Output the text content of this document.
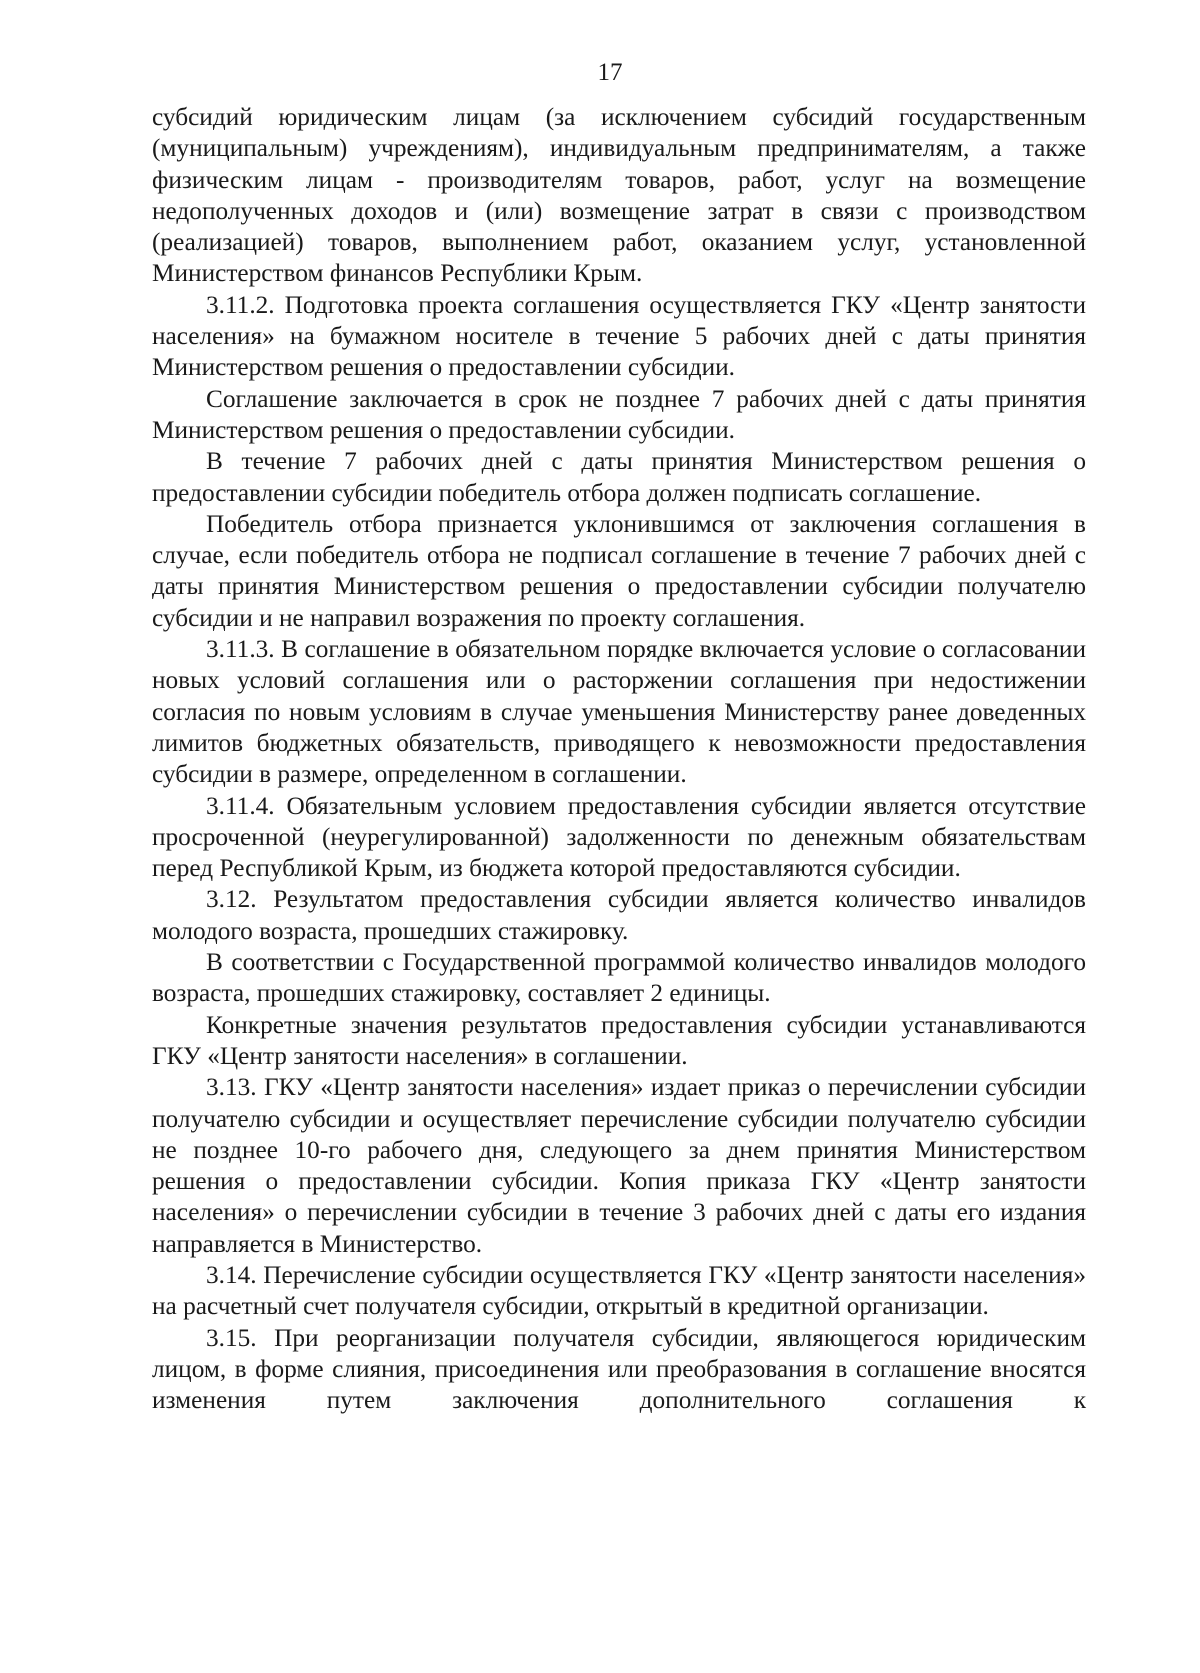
17

субсидий юридическим лицам (за исключением субсидий государственным (муниципальным) учреждениям), индивидуальным предпринимателям, а также физическим лицам - производителям товаров, работ, услуг на возмещение недополученных доходов и (или) возмещение затрат в связи с производством (реализацией) товаров, выполнением работ, оказанием услуг, установленной Министерством финансов Республики Крым.

3.11.2. Подготовка проекта соглашения осуществляется ГКУ «Центр занятости населения» на бумажном носителе в течение 5 рабочих дней с даты принятия Министерством решения о предоставлении субсидии.

Соглашение заключается в срок не позднее 7 рабочих дней с даты принятия Министерством решения о предоставлении субсидии.

В течение 7 рабочих дней с даты принятия Министерством решения о предоставлении субсидии победитель отбора должен подписать соглашение.

Победитель отбора признается уклонившимся от заключения соглашения в случае, если победитель отбора не подписал соглашение в течение 7 рабочих дней с даты принятия Министерством решения о предоставлении субсидии получателю субсидии и не направил возражения по проекту соглашения.

3.11.3. В соглашение в обязательном порядке включается условие о согласовании новых условий соглашения или о расторжении соглашения при недостижении согласия по новым условиям в случае уменьшения Министерству ранее доведенных лимитов бюджетных обязательств, приводящего к невозможности предоставления субсидии в размере, определенном в соглашении.

3.11.4. Обязательным условием предоставления субсидии является отсутствие просроченной (неурегулированной) задолженности по денежным обязательствам перед Республикой Крым, из бюджета которой предоставляются субсидии.

3.12. Результатом предоставления субсидии является количество инвалидов молодого возраста, прошедших стажировку.

В соответствии с Государственной программой количество инвалидов молодого возраста, прошедших стажировку, составляет 2 единицы.

Конкретные значения результатов предоставления субсидии устанавливаются ГКУ «Центр занятости населения» в соглашении.

3.13. ГКУ «Центр занятости населения» издает приказ о перечислении субсидии получателю субсидии и осуществляет перечисление субсидии получателю субсидии не позднее 10-го рабочего дня, следующего за днем принятия Министерством решения о предоставлении субсидии. Копия приказа ГКУ «Центр занятости населения» о перечислении субсидии в течение 3 рабочих дней с даты его издания направляется в Министерство.

3.14. Перечисление субсидии осуществляется ГКУ «Центр занятости населения» на расчетный счет получателя субсидии, открытый в кредитной организации.

3.15. При реорганизации получателя субсидии, являющегося юридическим лицом, в форме слияния, присоединения или преобразования в соглашение вносятся изменения путем заключения дополнительного соглашения к
